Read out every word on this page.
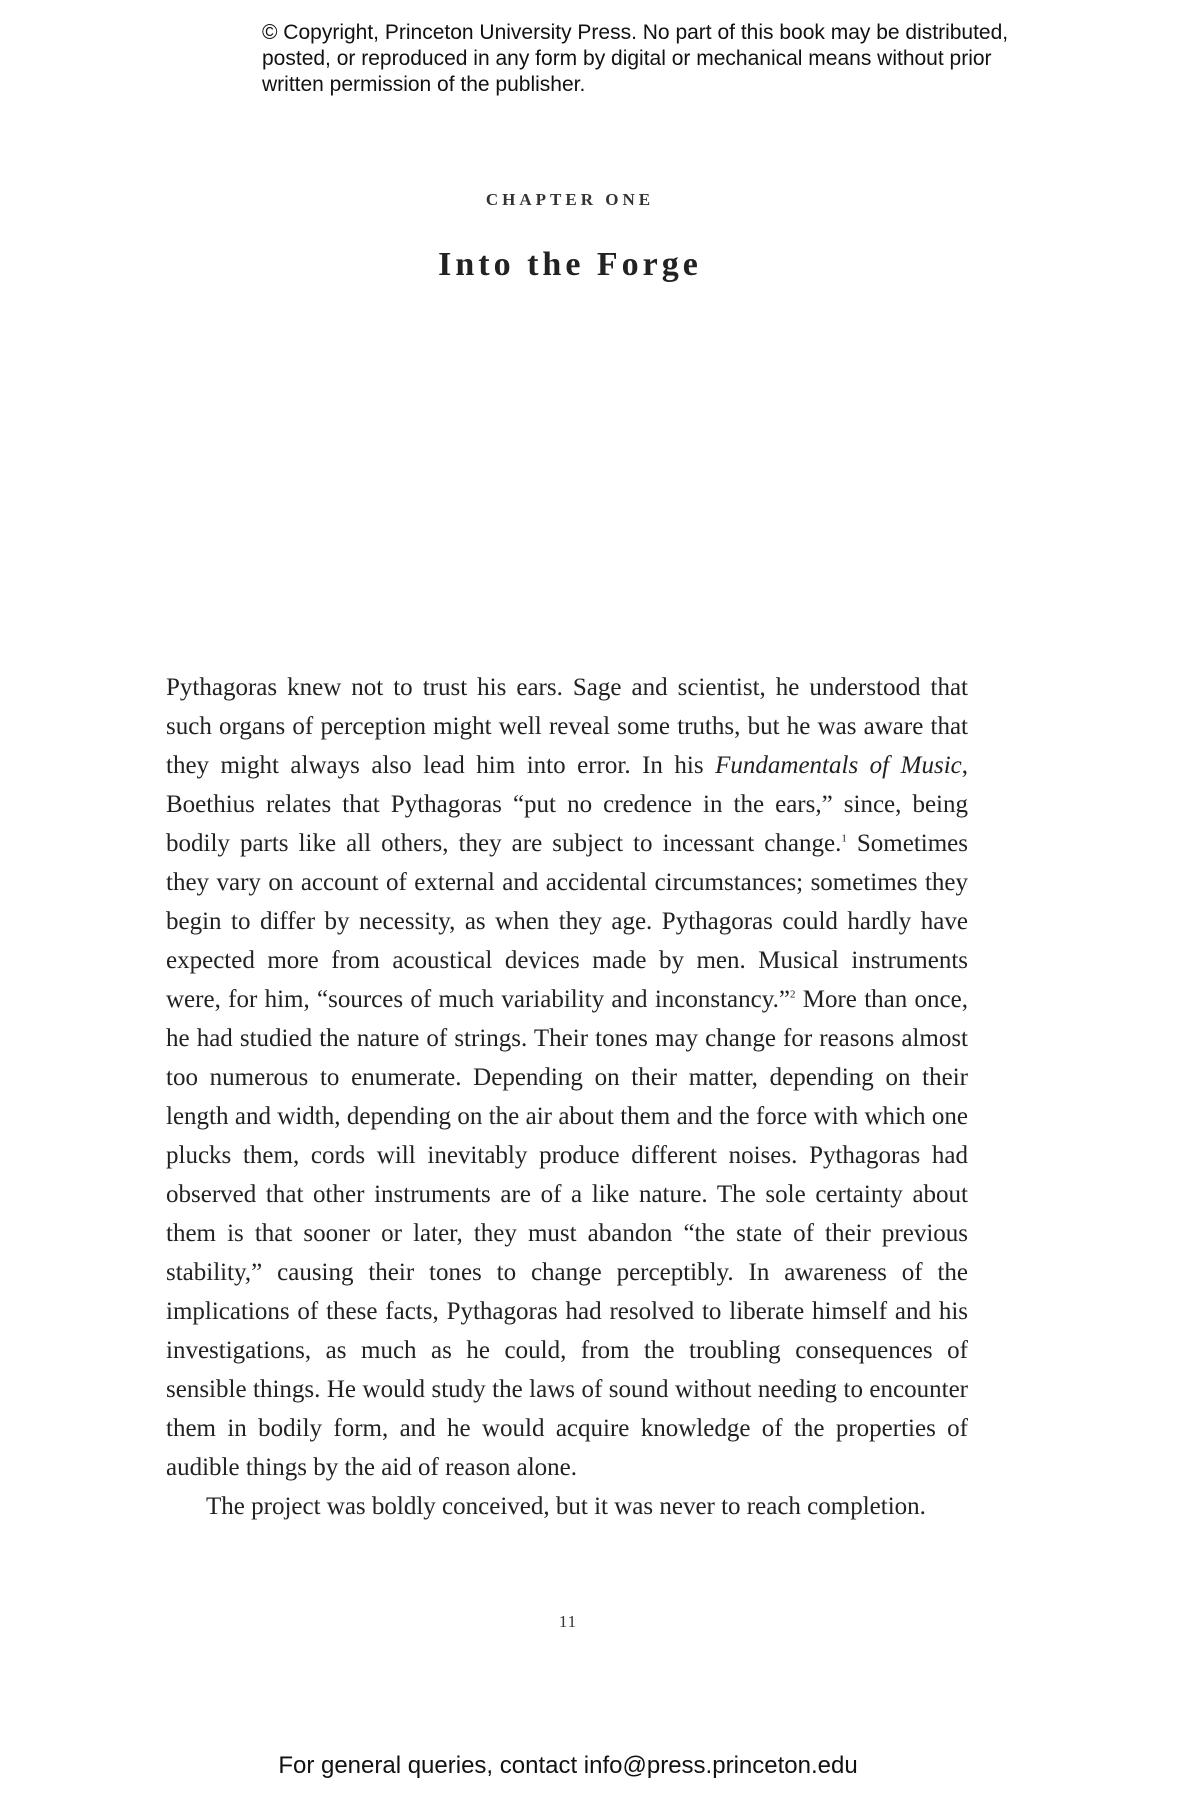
© Copyright, Princeton University Press. No part of this book may be distributed, posted, or reproduced in any form by digital or mechanical means without prior written permission of the publisher.
CHAPTER ONE
Into the Forge

Pythagoras knew not to trust his ears. Sage and scientist, he understood that such organs of perception might well reveal some truths, but he was aware that they might always also lead him into error. In his Fundamentals of Music, Boethius relates that Pythagoras “put no credence in the ears,” since, being bodily parts like all others, they are subject to incessant change.$^1$ Sometimes they vary on account of external and accidental circumstances; sometimes they begin to differ by necessity, as when they age. Pythagoras could hardly have expected more from acoustical devices made by men. Musical instruments were, for him, “sources of much variability and inconstancy.”$^2$ More than once, he had studied the nature of strings. Their tones may change for reasons almost too numerous to enumerate. Depending on their matter, depending on their length and width, depending on the air about them and the force with which one plucks them, cords will inevitably produce different noises. Pythagoras had observed that other instruments are of a like nature. The sole certainty about them is that sooner or later, they must abandon “the state of their previous stability,” causing their tones to change perceptibly. In awareness of the implications of these facts, Pythagoras had resolved to liberate himself and his investigations, as much as he could, from the troubling consequences of sensible things. He would study the laws of sound without needing to encounter them in bodily form, and he would acquire knowledge of the properties of audible things by the aid of reason alone.

The project was boldly conceived, but it was never to reach completion.

11
For general queries, contact info@press.princeton.edu
